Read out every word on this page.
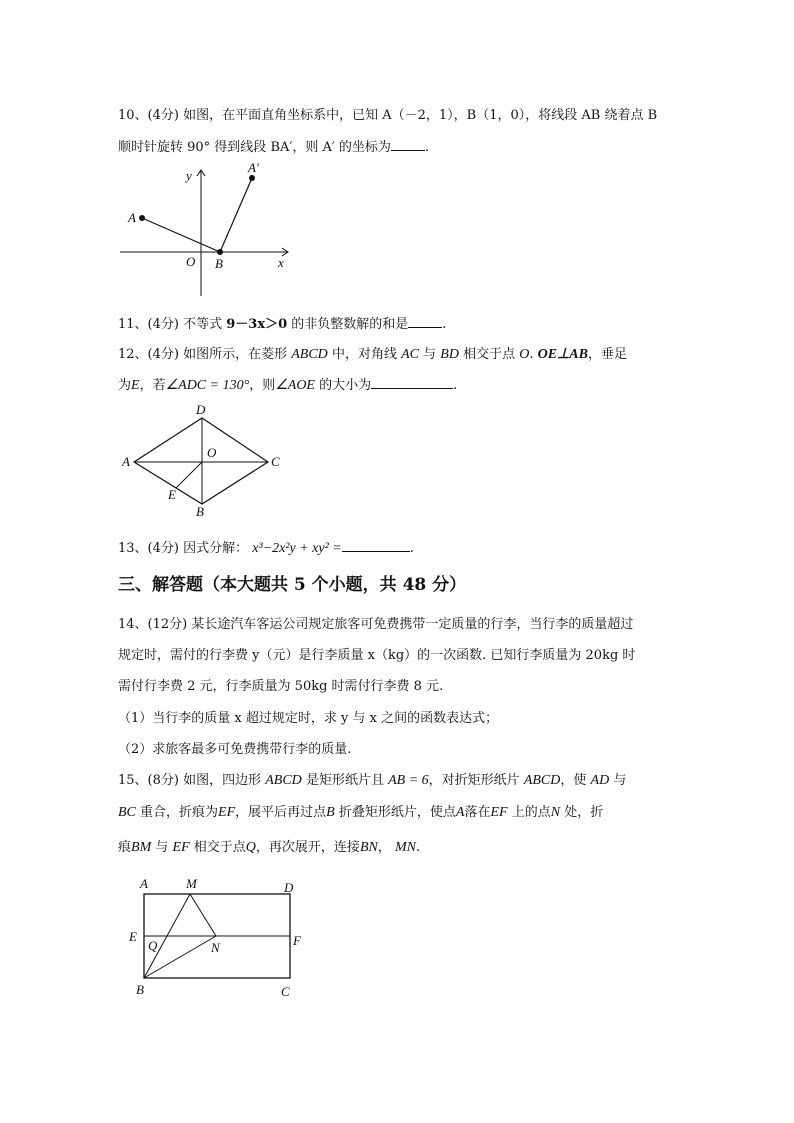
10、(4分) 如图，在平面直角坐标系中，已知 A（－2，1），B（1，0），将线段 AB 绕着点 B
顺时针旋转 90° 得到线段 BA′，则 A′ 的坐标为	.
y
x
O
A
B
A′
11、(4分) 不等式 9－3x＞0 的非负整数解的和是	.
12、(4分) 如图所示，在菱形 ABCD 中，对角线 AC 与 BD 相交于点 O. OE⊥AB，垂足
为E，若∠ADC = 130°，则∠AOE 的大小为	.
A
D
C
B
O
E
13、(4分) 因式分解： x³−2x²y + xy² =	.
三、解答题（本大题共 5 个小题，共 48 分）
14、(12分) 某长途汽车客运公司规定旅客可免费携带一定质量的行李，当行李的质量超过
规定时，需付的行李费 y（元）是行李质量 x（kg）的一次函数. 已知行李质量为 20kg 时
需付行李费 2 元，行李质量为 50kg 时需付行李费 8 元.
（1）当行李的质量 x 超过规定时，求 y 与 x 之间的函数表达式；
（2）求旅客最多可免费携带行李的质量.
15、(8分) 如图，四边形 ABCD 是矩形纸片且 AB = 6，对折矩形纸片 ABCD，使 AD 与
BC 重合，折痕为EF，展平后再过点B 折叠矩形纸片，使点A落在EF 上的点N 处，折
痕BM 与 EF 相交于点Q，再次展开，连接BN， MN.
A	M	D
E
Q	N	F
B	C
